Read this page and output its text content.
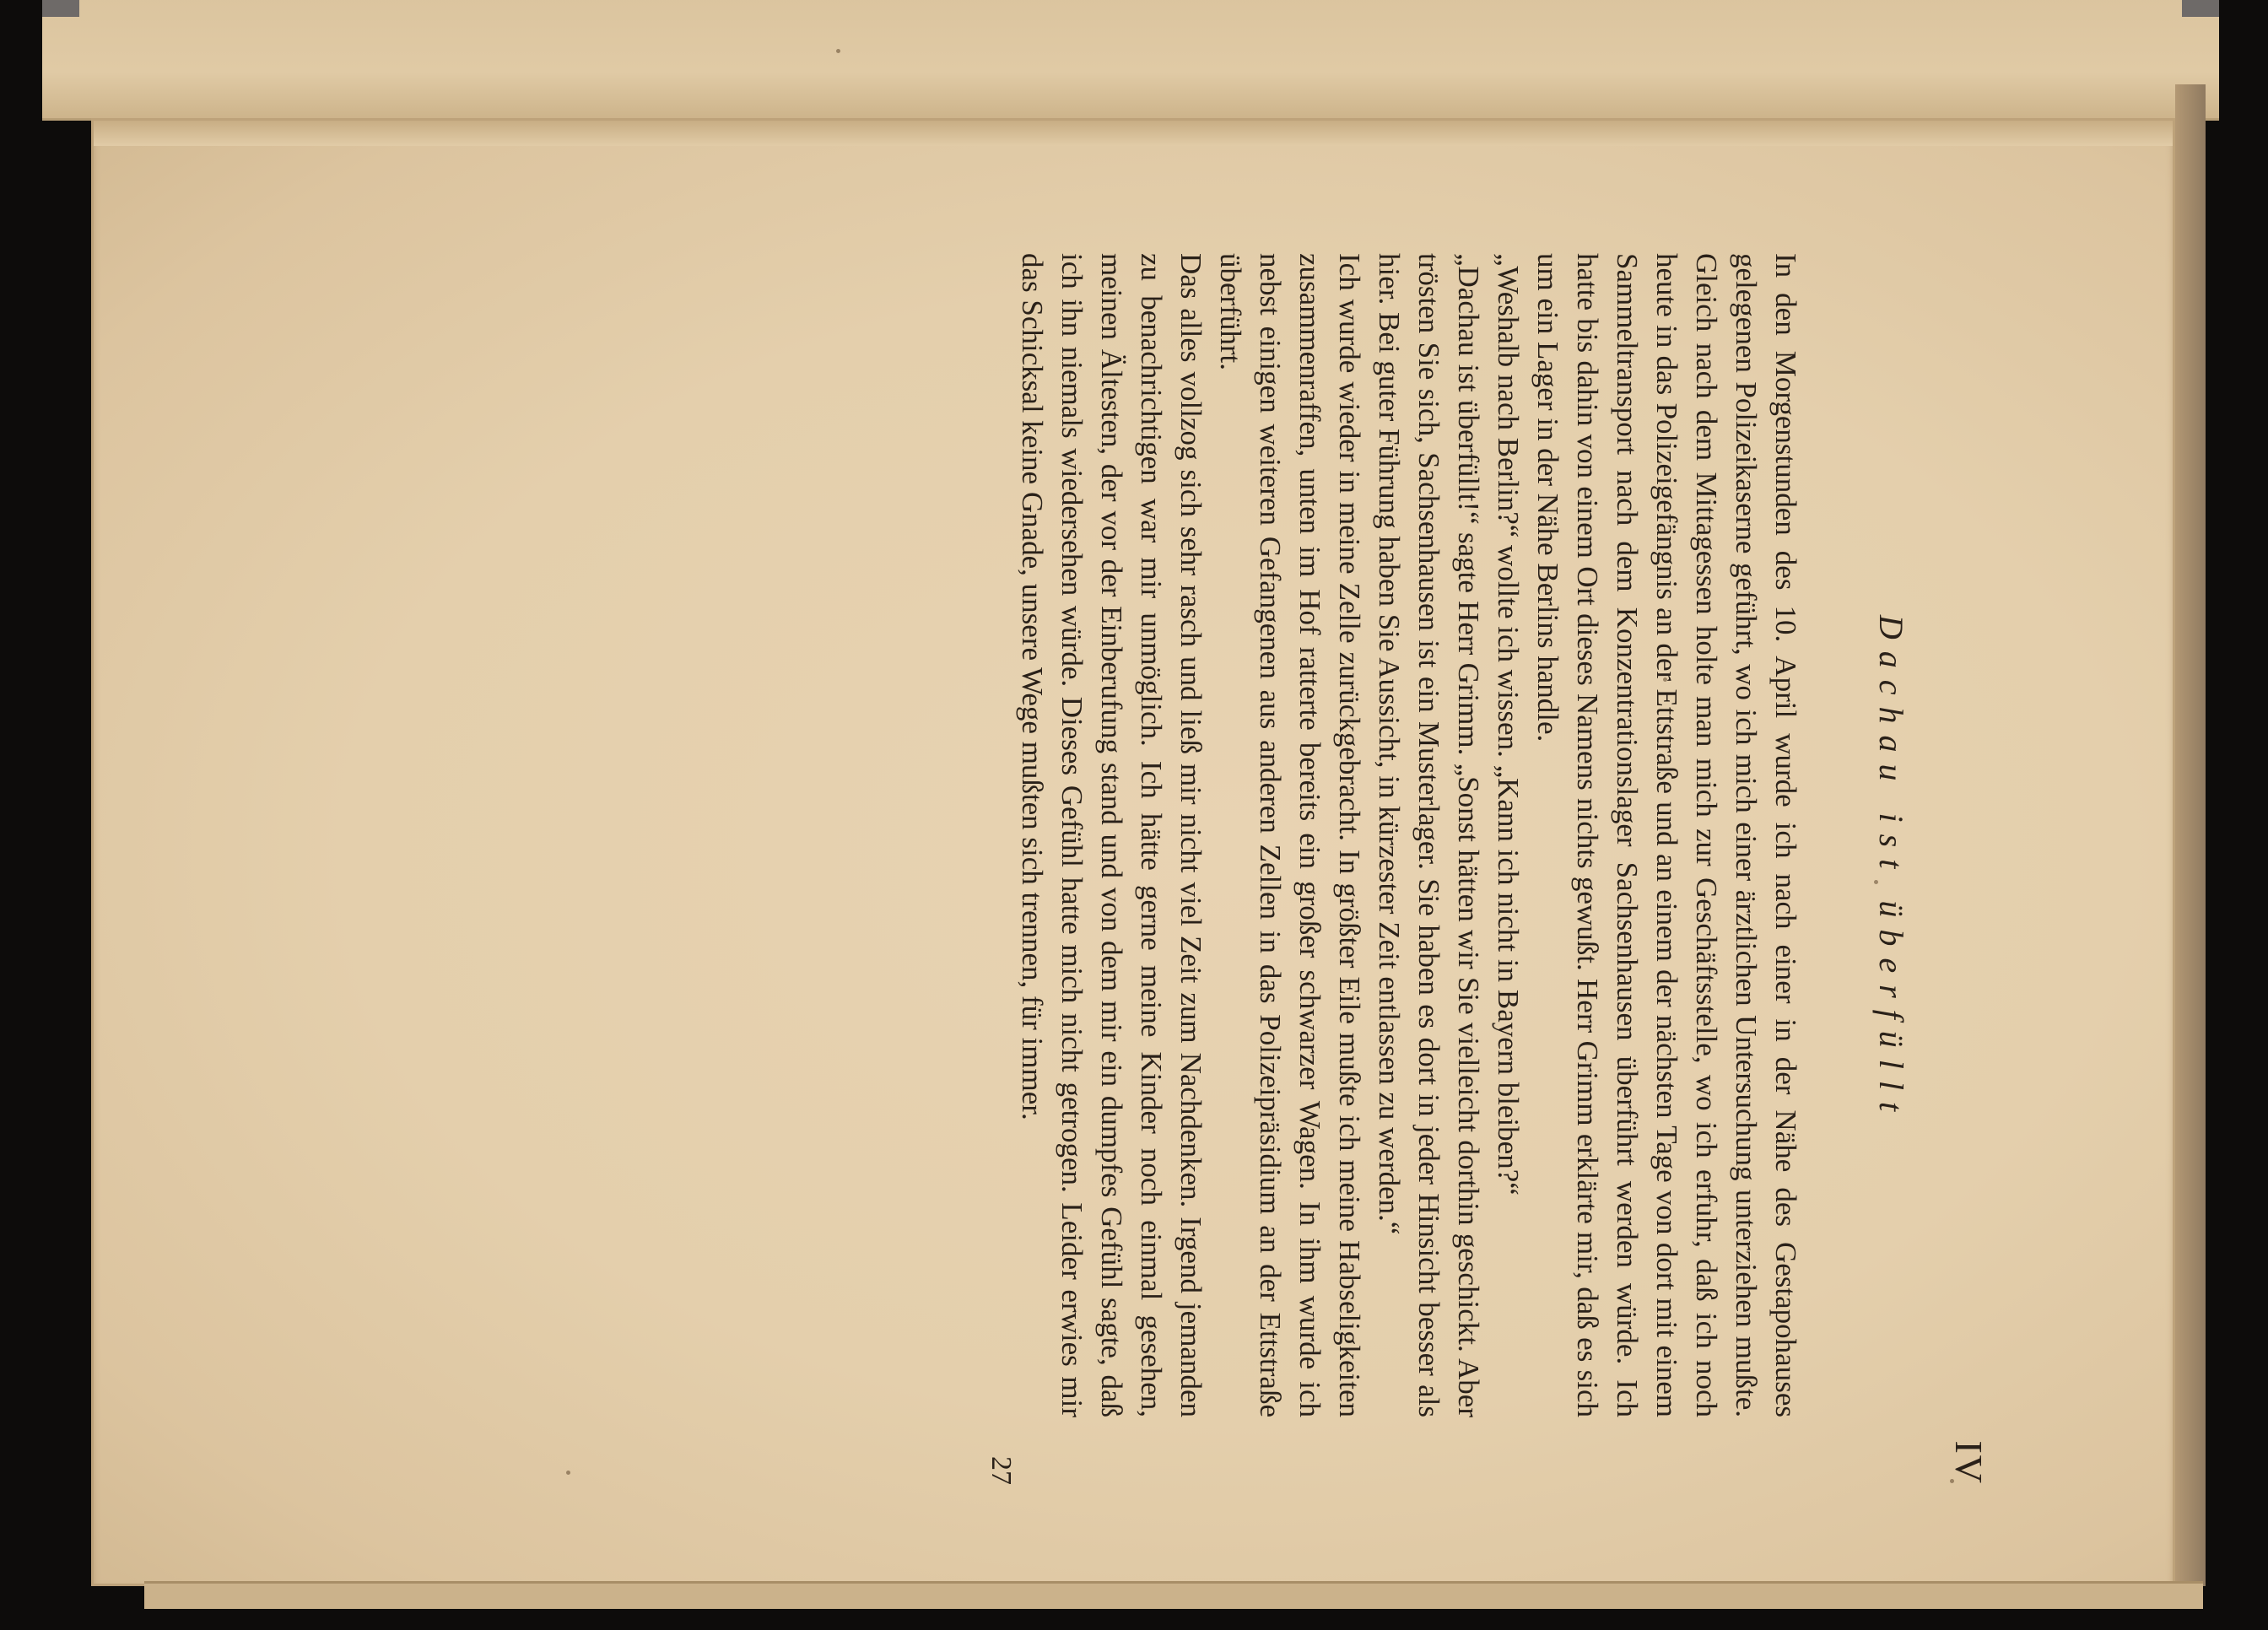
IV
Dachau ist überfüllt

In den Morgenstunden des 10. April wurde ich nach einer in der Nähe des Gestapohauses gelegenen Polizeikaserne geführt, wo ich mich einer ärztlichen Untersuchung unterziehen mußte. Gleich nach dem Mittagessen holte man mich zur Geschäftsstelle, wo ich erfuhr, daß ich noch heute in das Polizeigefängnis an der Ettstraße und an einem der nächsten Tage von dort mit einem Sammeltransport nach dem Konzentrationslager Sachsenhausen überführt werden würde. Ich hatte bis dahin von einem Ort dieses Namens nichts gewußt. Herr Grimm erklärte mir, daß es sich um ein Lager in der Nähe Berlins handle.

„Weshalb nach Berlin?“ wollte ich wissen. „Kann ich nicht in Bayern bleiben?“

„Dachau ist überfüllt!“ sagte Herr Grimm. „Sonst hätten wir Sie vielleicht dorthin geschickt. Aber trösten Sie sich, Sachsenhausen ist ein Musterlager. Sie haben es dort in jeder Hinsicht besser als hier. Bei guter Führung haben Sie Aussicht, in kürzester Zeit entlassen zu werden.“

Ich wurde wieder in meine Zelle zurückgebracht. In größter Eile mußte ich meine Habseligkeiten zusammenraffen, unten im Hof ratterte bereits ein großer schwarzer Wagen. In ihm wurde ich nebst einigen weiteren Gefangenen aus anderen Zellen in das Polizeipräsidium an der Ettstraße überführt.

Das alles vollzog sich sehr rasch und ließ mir nicht viel Zeit zum Nachdenken. Irgend jemanden zu benachrichtigen war mir unmöglich. Ich hätte gerne meine Kinder noch einmal gesehen, meinen Ältesten, der vor der Einberufung stand und von dem mir ein dumpfes Gefühl sagte, daß ich ihn niemals wiedersehen würde. Dieses Gefühl hatte mich nicht getrogen. Leider erwies mir das Schicksal keine Gnade, unsere Wege mußten sich trennen, für immer.

27
